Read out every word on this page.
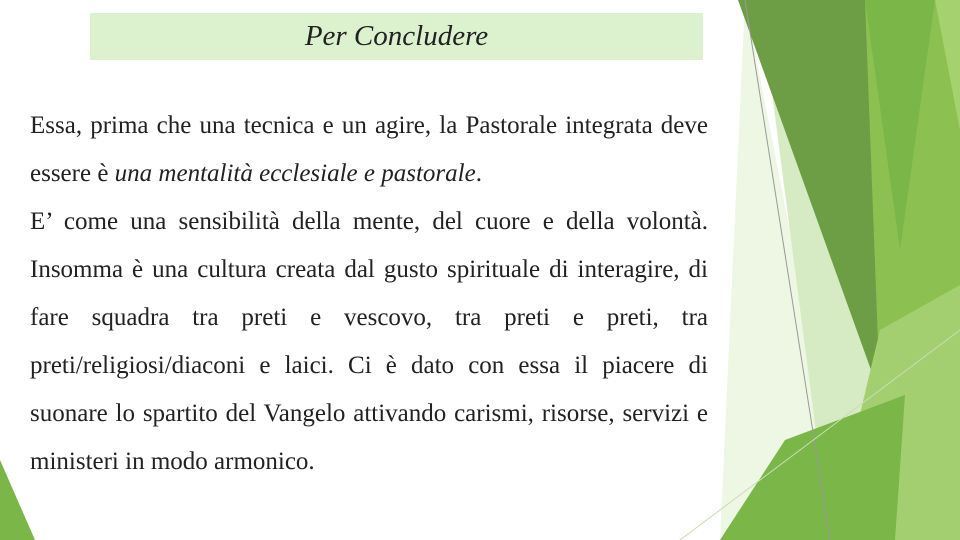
Per Concludere

Essa, prima che una tecnica e un agire, la Pastorale integrata deve essere è una mentalità ecclesiale e pastorale.

E’ come una sensibilità della mente, del cuore e della volontà. Insomma è una cultura creata dal gusto spirituale di interagire, di fare squadra tra preti e vescovo, tra preti e preti, tra preti/religiosi/diaconi e laici. Ci è dato con essa il piacere di suonare lo spartito del Vangelo attivando carismi, risorse, servizi e ministeri in modo armonico.
